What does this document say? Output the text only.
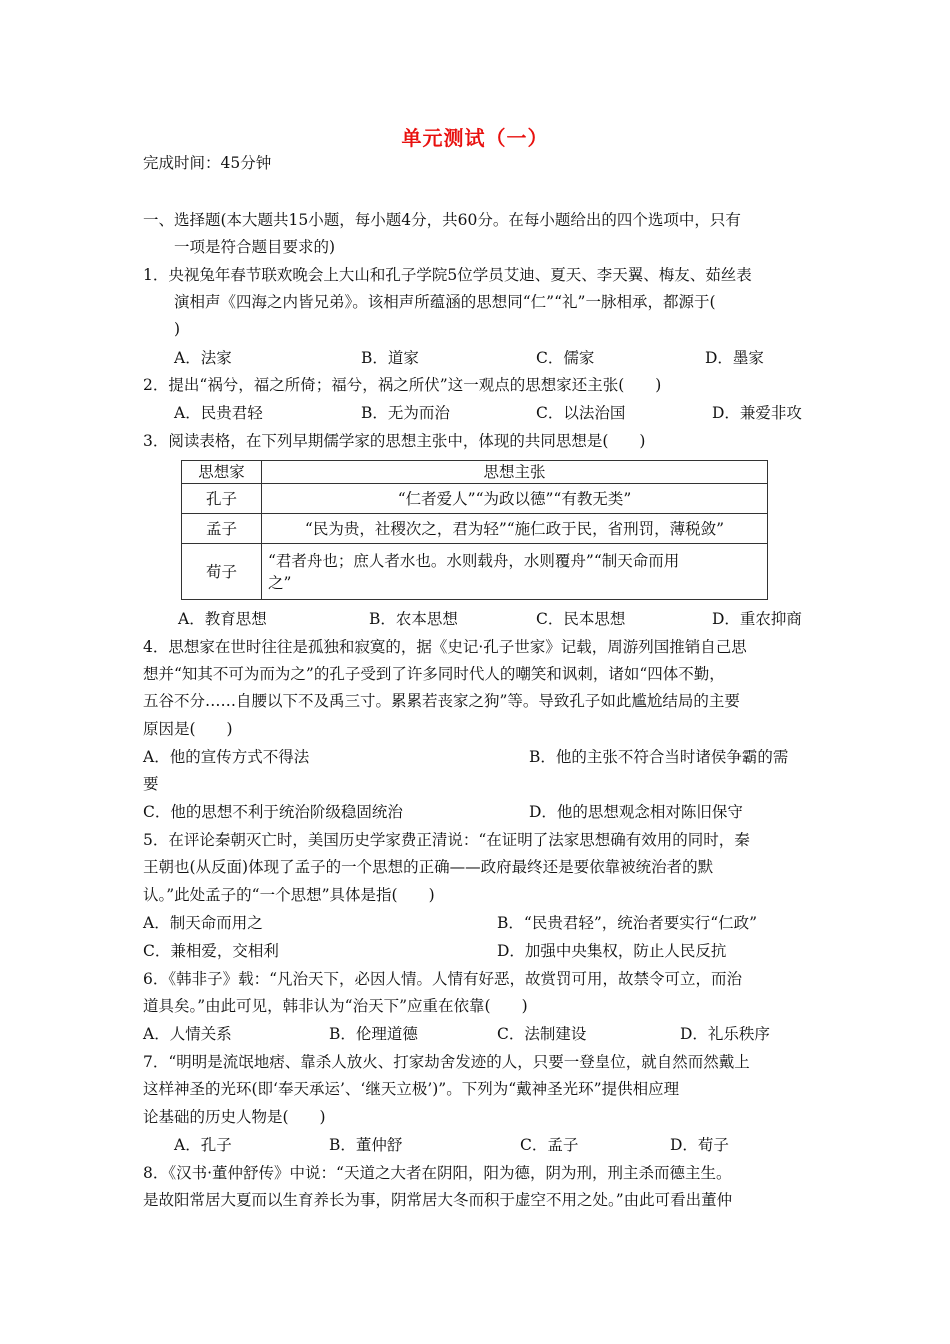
单元测试（一）
完成时间：45分钟
一、选择题(本大题共15小题，每小题4分，共60分。在每小题给出的四个选项中，只有
一项是符合题目要求的)
1．央视兔年春节联欢晚会上大山和孔子学院5位学员艾迪、夏天、李天翼、梅友、茹丝表
演相声《四海之内皆兄弟》。该相声所蕴涵的思想同“仁”“礼”一脉相承，都源于(
)
A．法家	B．道家	C．儒家	D．墨家
2．提出“祸兮，福之所倚；福兮，祸之所伏”这一观点的思想家还主张(　　)
A．民贵君轻	B．无为而治	C．以法治国	D．兼爱非攻
3．阅读表格，在下列早期儒学家的思想主张中，体现的共同思想是(　　)
思想家	思想主张
孔子	“仁者爱人”“为政以德”“有教无类”
孟子	“民为贵，社稷次之，君为轻”“施仁政于民，省刑罚，薄税敛”
荀子	“君者舟也；庶人者水也。水则载舟，水则覆舟”“制天命而用
之”
A．教育思想	B．农本思想	C．民本思想	D．重农抑商
4．思想家在世时往往是孤独和寂寞的，据《史记·孔子世家》记载，周游列国推销自己思
想并“知其不可为而为之”的孔子受到了许多同时代人的嘲笑和讽刺，诸如“四体不勤，
五谷不分……自腰以下不及禹三寸。累累若丧家之狗”等。导致孔子如此尴尬结局的主要
原因是(　　)
A．他的宣传方式不得法	B．他的主张不符合当时诸侯争霸的需
要
C．他的思想不利于统治阶级稳固统治	D．他的思想观念相对陈旧保守
5．在评论秦朝灭亡时，美国历史学家费正清说：“在证明了法家思想确有效用的同时，秦
王朝也(从反面)体现了孟子的一个思想的正确——政府最终还是要依靠被统治者的默
认。”此处孟子的“一个思想”具体是指(　　)
A．制天命而用之	B．“民贵君轻”，统治者要实行“仁政”
C．兼相爱，交相利	D．加强中央集权，防止人民反抗
6．《韩非子》载：“凡治天下，必因人情。人情有好恶，故赏罚可用，故禁令可立，而治
道具矣。”由此可见，韩非认为“治天下”应重在依靠(　　)
A．人情关系	B．伦理道德	C．法制建设	D．礼乐秩序
7．“明明是流氓地痞、靠杀人放火、打家劫舍发迹的人，只要一登皇位，就自然而然戴上
这样神圣的光环(即‘奉天承运’、‘继天立极’)”。下列为“戴神圣光环”提供相应理
论基础的历史人物是(　　)
A．孔子	B．董仲舒	C．孟子	D．荀子
8．《汉书·董仲舒传》中说：“天道之大者在阴阳，阳为德，阴为刑，刑主杀而德主生。
是故阳常居大夏而以生育养长为事，阴常居大冬而积于虚空不用之处。”由此可看出董仲
